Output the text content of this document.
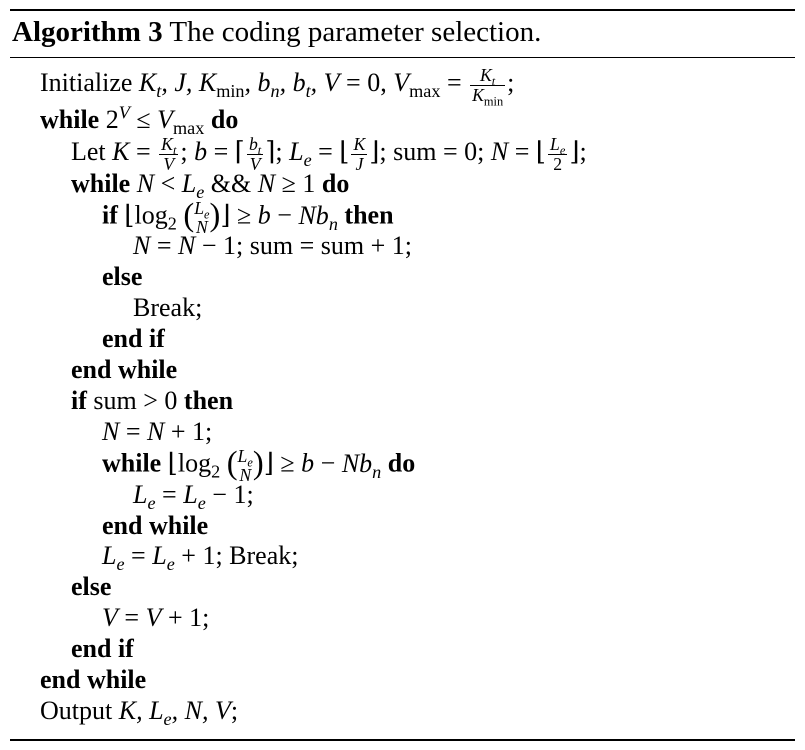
Algorithm 3 The coding parameter selection.
Initialize $K_t$, J, $K_{min}$, $b_n$, $b_t$, V = 0, $V_{max} = \frac{K_t}{K_{min}}$ ;
while $2^V \le V_{max}$ do
Let $K = \frac{K_t}{V}$ ; b = ⌈ $\frac{b_t}{V}$ ⌉; $L_e$ = ⌊ $\frac{K}{J}$ ⌋; sum = 0; N = ⌊ $\frac{L_e}{2}$ ⌋;
while $N < L_e$ && N ≥ 1 do
if $⌊\log_2$ ( $L_e$
N )⌋ ≥ $b - Nb_n$ then
N = N − 1; sum = sum + 1;
else
Break;
end if
end while
if sum > 0 then
N = N + 1;
while $⌊\log_2$ ( $L_e$
N )⌋ ≥ $b - Nb_n$ do
$L_e = L_e - 1$;
end while
$L_e = L_e + 1$; Break;
else
V = V + 1;
end if
end while
Output K, $L_e$, N, V;
